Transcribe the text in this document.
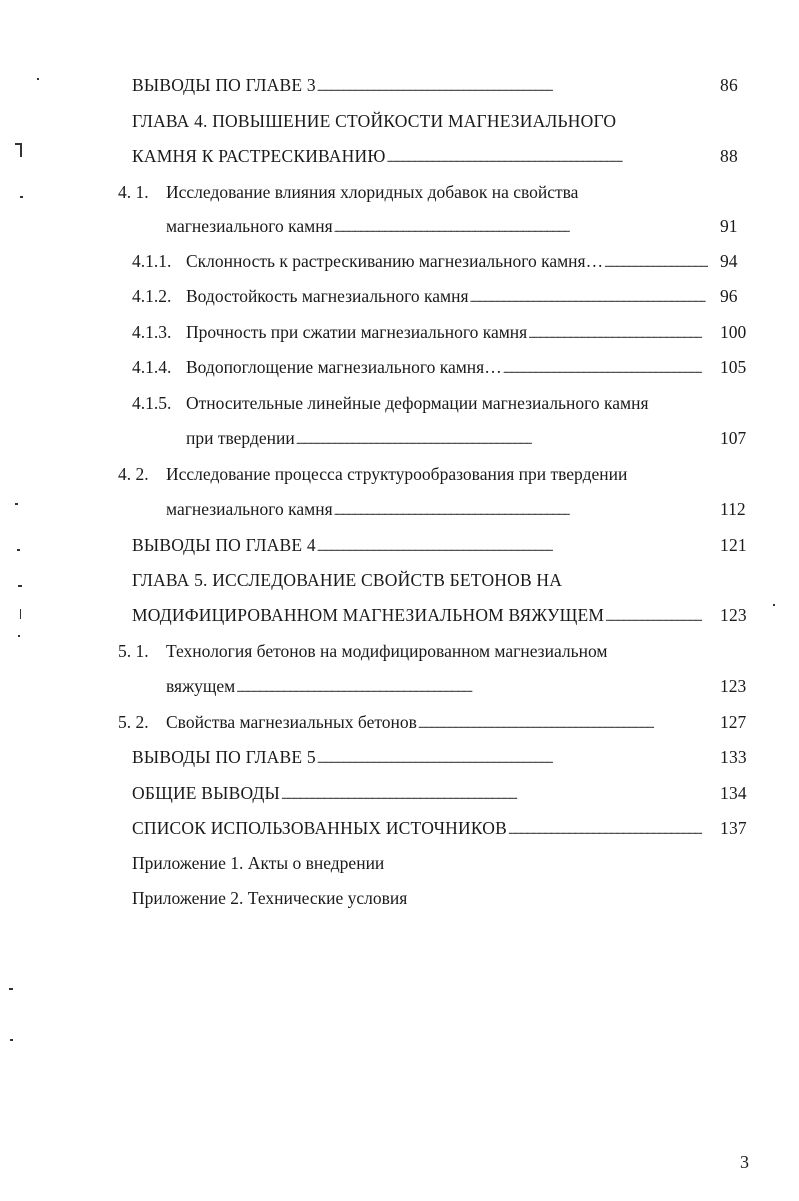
ВЫВОДЫ ПО ГЛАВЕ 3 . . .	86
ГЛАВА 4. ПОВЫШЕНИЕ СТОЙКОСТИ МАГНЕЗИАЛЬНОГО
КАМНЯ К РАСТРЕСКИВАНИЮ . . .	88
4. 1. Исследование влияния хлоридных добавок на свойства
магнезиального камня . . .	91
4.1.1. Склонность к растрескиванию магнезиального камня… . . .	94
4.1.2. Водостойкость магнезиального камня . . .	96
4.1.3. Прочность при сжатии магнезиального камня . . .	100
4.1.4. Водопоглощение магнезиального камня… . . .	105
4.1.5. Относительные линейные деформации магнезиального камня
при твердении . . .	107
4. 2. Исследование процесса структурообразования при твердении
магнезиального камня . . .	112
ВЫВОДЫ ПО ГЛАВЕ 4 . . .	121
ГЛАВА 5. ИССЛЕДОВАНИЕ СВОЙСТВ БЕТОНОВ НА
МОДИФИЦИРОВАННОМ МАГНЕЗИАЛЬНОМ ВЯЖУЩЕМ . . .	123
5. 1. Технология бетонов на модифицированном магнезиальном
вяжущем . . .	123
5. 2. Свойства магнезиальных бетонов . . .	127
ВЫВОДЫ ПО ГЛАВЕ 5 . . .	133
ОБЩИЕ ВЫВОДЫ . . .	134
СПИСОК ИСПОЛЬЗОВАННЫХ ИСТОЧНИКОВ . . .	137
Приложение 1. Акты о внедрении
Приложение 2. Технические условия
3
